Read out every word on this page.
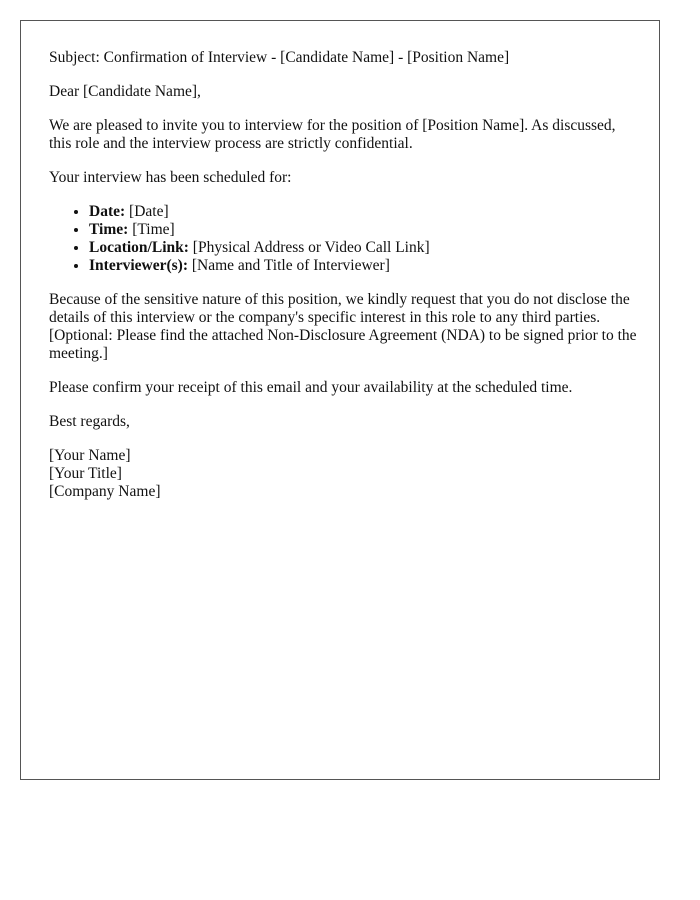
Subject: Confirmation of Interview - [Candidate Name] - [Position Name]

Dear [Candidate Name],

We are pleased to invite you to interview for the position of [Position Name]. As discussed, this role and the interview process are strictly confidential.

Your interview has been scheduled for:

• Date: [Date]
• Time: [Time]
• Location/Link: [Physical Address or Video Call Link]
• Interviewer(s): [Name and Title of Interviewer]

Because of the sensitive nature of this position, we kindly request that you do not disclose the details of this interview or the company's specific interest in this role to any third parties. [Optional: Please find the attached Non-Disclosure Agreement (NDA) to be signed prior to the meeting.]

Please confirm your receipt of this email and your availability at the scheduled time.

Best regards,

[Your Name]
[Your Title]
[Company Name]
